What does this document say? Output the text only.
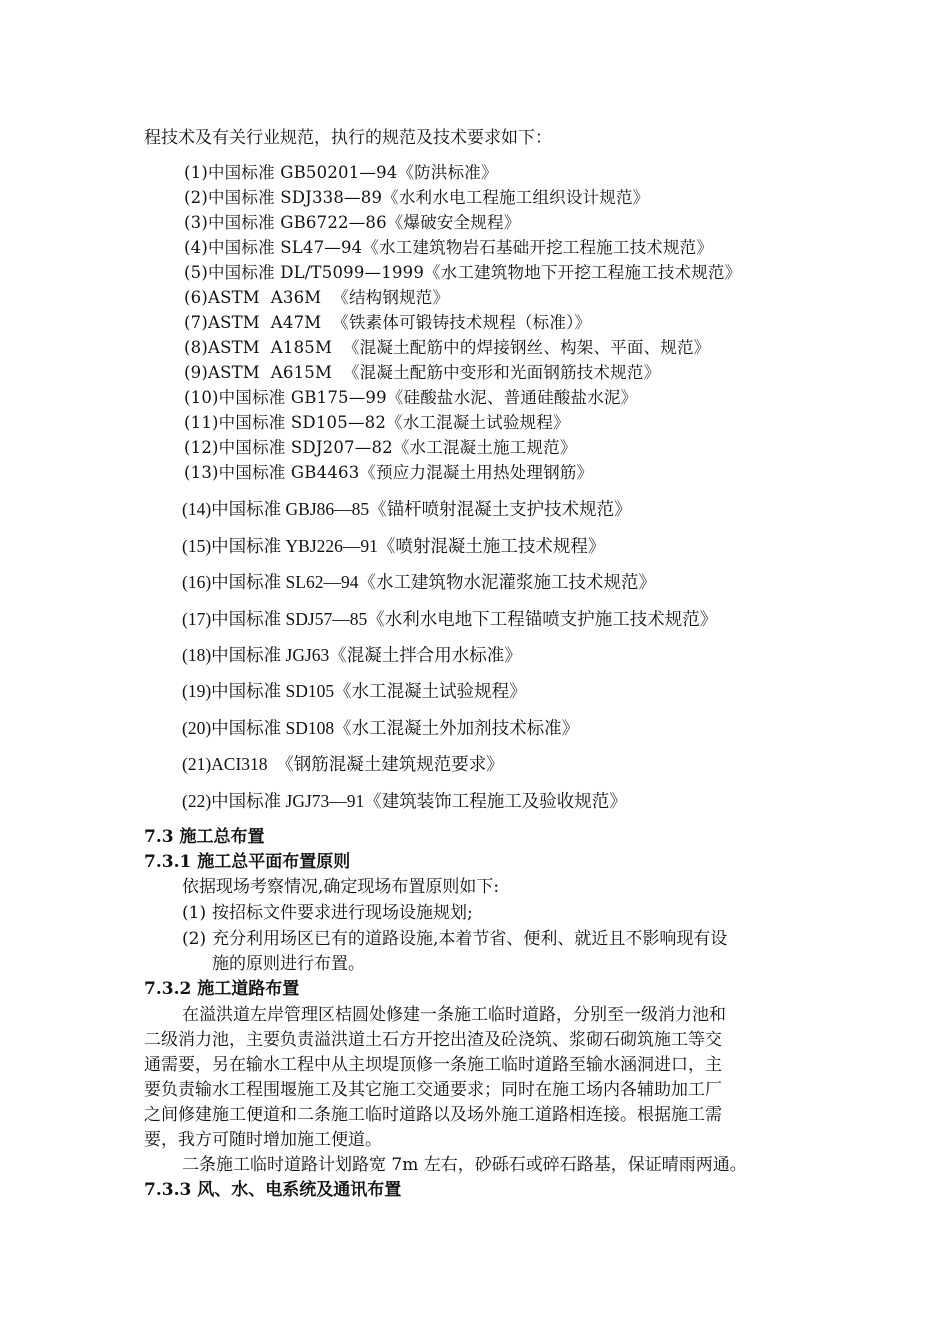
程技术及有关行业规范，执行的规范及技术要求如下：
(1)中国标准 GB50201—94《防洪标准》
(2)中国标准 SDJ338—89《水利水电工程施工组织设计规范》
(3)中国标准 GB6722—86《爆破安全规程》
(4)中国标准 SL47—94《水工建筑物岩石基础开挖工程施工技术规范》
(5)中国标准 DL/T5099—1999《水工建筑物地下开挖工程施工技术规范》
(6)ASTM  A36M  《结构钢规范》
(7)ASTM  A47M  《铁素体可锻铸技术规程（标准）》
(8)ASTM  A185M  《混凝土配筋中的焊接钢丝、构架、平面、规范》
(9)ASTM  A615M  《混凝土配筋中变形和光面钢筋技术规范》
(10)中国标准 GB175—99《硅酸盐水泥、普通硅酸盐水泥》
(11)中国标准 SD105—82《水工混凝土试验规程》
(12)中国标准 SDJ207—82《水工混凝土施工规范》
(13)中国标准 GB4463《预应力混凝土用热处理钢筋》
(14)中国标准 GBJ86—85《锚杆喷射混凝土支护技术规范》
(15)中国标准 YBJ226—91《喷射混凝土施工技术规程》
(16)中国标准 SL62—94《水工建筑物水泥灌浆施工技术规范》
(17)中国标准 SDJ57—85《水利水电地下工程锚喷支护施工技术规范》
(18)中国标准 JGJ63《混凝土拌合用水标准》
(19)中国标准 SD105《水工混凝土试验规程》
(20)中国标准 SD108《水工混凝土外加剂技术标准》
(21)ACI318  《钢筋混凝土建筑规范要求》
(22)中国标准 JGJ73—91《建筑装饰工程施工及验收规范》
7.3 施工总布置
7.3.1 施工总平面布置原则
依据现场考察情况,确定现场布置原则如下:
(1) 按招标文件要求进行现场设施规划;
(2) 充分利用场区已有的道路设施,本着节省、便利、就近且不影响现有设
施的原则进行布置。
7.3.2 施工道路布置
在溢洪道左岸管理区桔圆处修建一条施工临时道路，分别至一级消力池和
二级消力池，主要负责溢洪道土石方开挖出渣及砼浇筑、浆砌石砌筑施工等交
通需要，另在输水工程中从主坝堤顶修一条施工临时道路至输水涵洞进口，主
要负责输水工程围堰施工及其它施工交通要求；同时在施工场内各辅助加工厂
之间修建施工便道和二条施工临时道路以及场外施工道路相连接。根据施工需
要，我方可随时增加施工便道。
二条施工临时道路计划路宽 7m 左右，砂砾石或碎石路基，保证晴雨两通。
7.3.3 风、水、电系统及通讯布置
